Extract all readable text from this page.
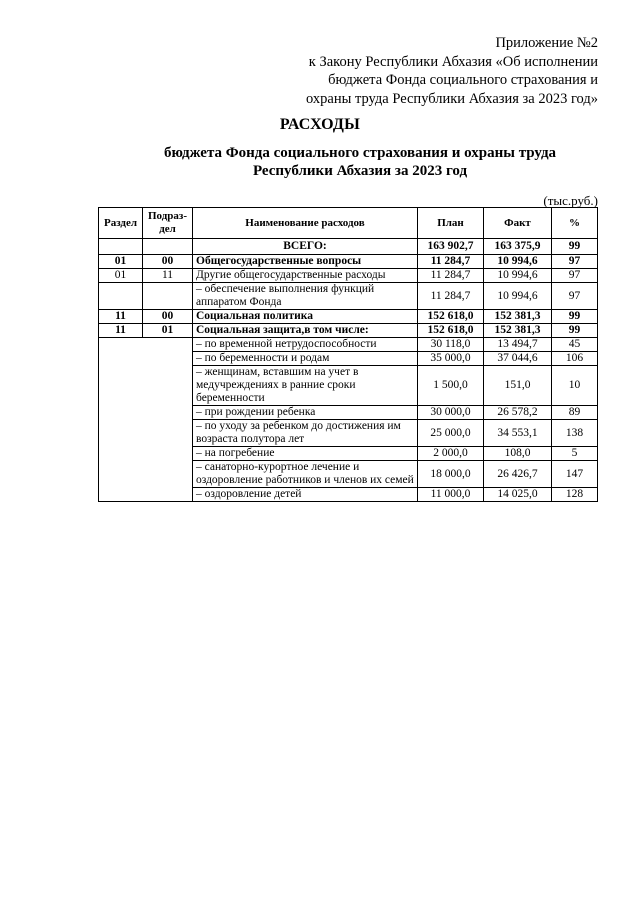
Приложение №2
к Закону Республики Абхазия «Об исполнении
бюджета Фонда социального страхования и
охраны труда Республики Абхазия за 2023 год»
РАСХОДЫ
бюджета Фонда социального страхования и охраны труда
Республики Абхазия за 2023 год
(тыс.руб.)
Раздел	Подраз-дел	Наименование расходов	План	Факт	%
		ВСЕГО:	163 902,7	163 375,9	99
01	00	Общегосударственные вопросы	11 284,7	10 994,6	97
01	11	Другие общегосударственные расходы	11 284,7	10 994,6	97
		– обеспечение выполнения функций аппаратом Фонда	11 284,7	10 994,6	97
11	00	Социальная политика	152 618,0	152 381,3	99
11	01	Социальная защита,в том числе:	152 618,0	152 381,3	99
		– по временной нетрудоспособности	30 118,0	13 494,7	45
		– по беременности и родам	35 000,0	37 044,6	106
		– женщинам, вставшим на учет в медучреждениях в ранние сроки беременности	1 500,0	151,0	10
		– при рождении ребенка	30 000,0	26 578,2	89
		– по уходу за ребенком до достижения им возраста полутора лет	25 000,0	34 553,1	138
		– на погребение	2 000,0	108,0	5
		– санаторно-курортное лечение и оздоровление работников и членов их семей	18 000,0	26 426,7	147
		– оздоровление детей	11 000,0	14 025,0	128
